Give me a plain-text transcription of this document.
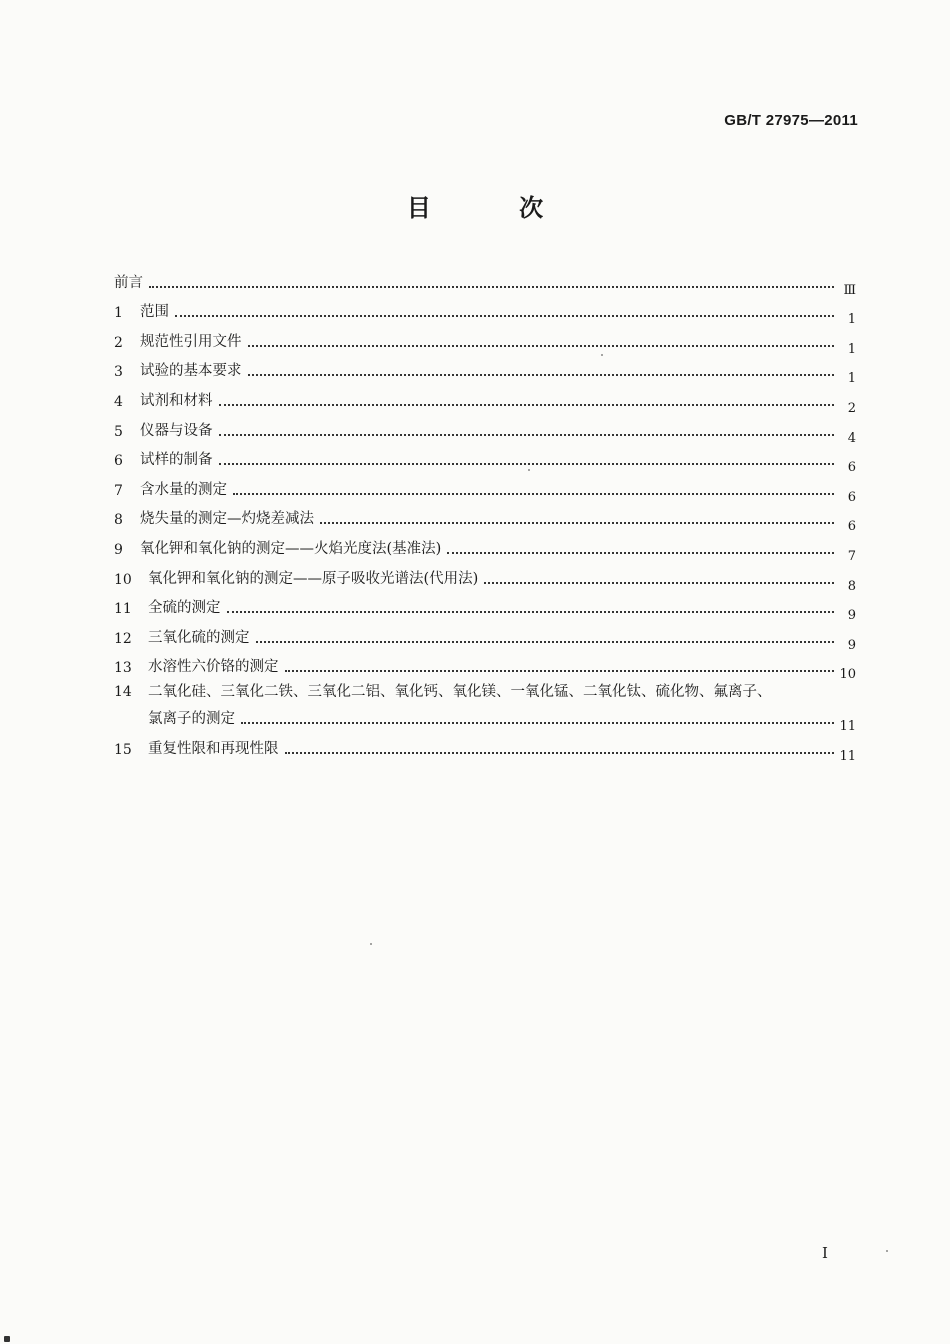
GB/T 27975—2011
目 次
前言	Ⅲ
1	范围	1
2	规范性引用文件	1
3	试验的基本要求	1
4	试剂和材料	2
5	仪器与设备	4
6	试样的制备	6
7	含水量的测定	6
8	烧失量的测定—灼烧差减法	6
9	氧化钾和氧化钠的测定——火焰光度法(基准法)	7
10	氧化钾和氧化钠的测定——原子吸收光谱法(代用法)	8
11	全硫的测定	9
12	三氧化硫的测定	9
13	水溶性六价铬的测定	10
14	二氧化硅、三氧化二铁、三氧化二铝、氧化钙、氧化镁、一氧化锰、二氧化钛、硫化物、氟离子、
氯离子的测定	11
15	重复性限和再现性限	11
I
